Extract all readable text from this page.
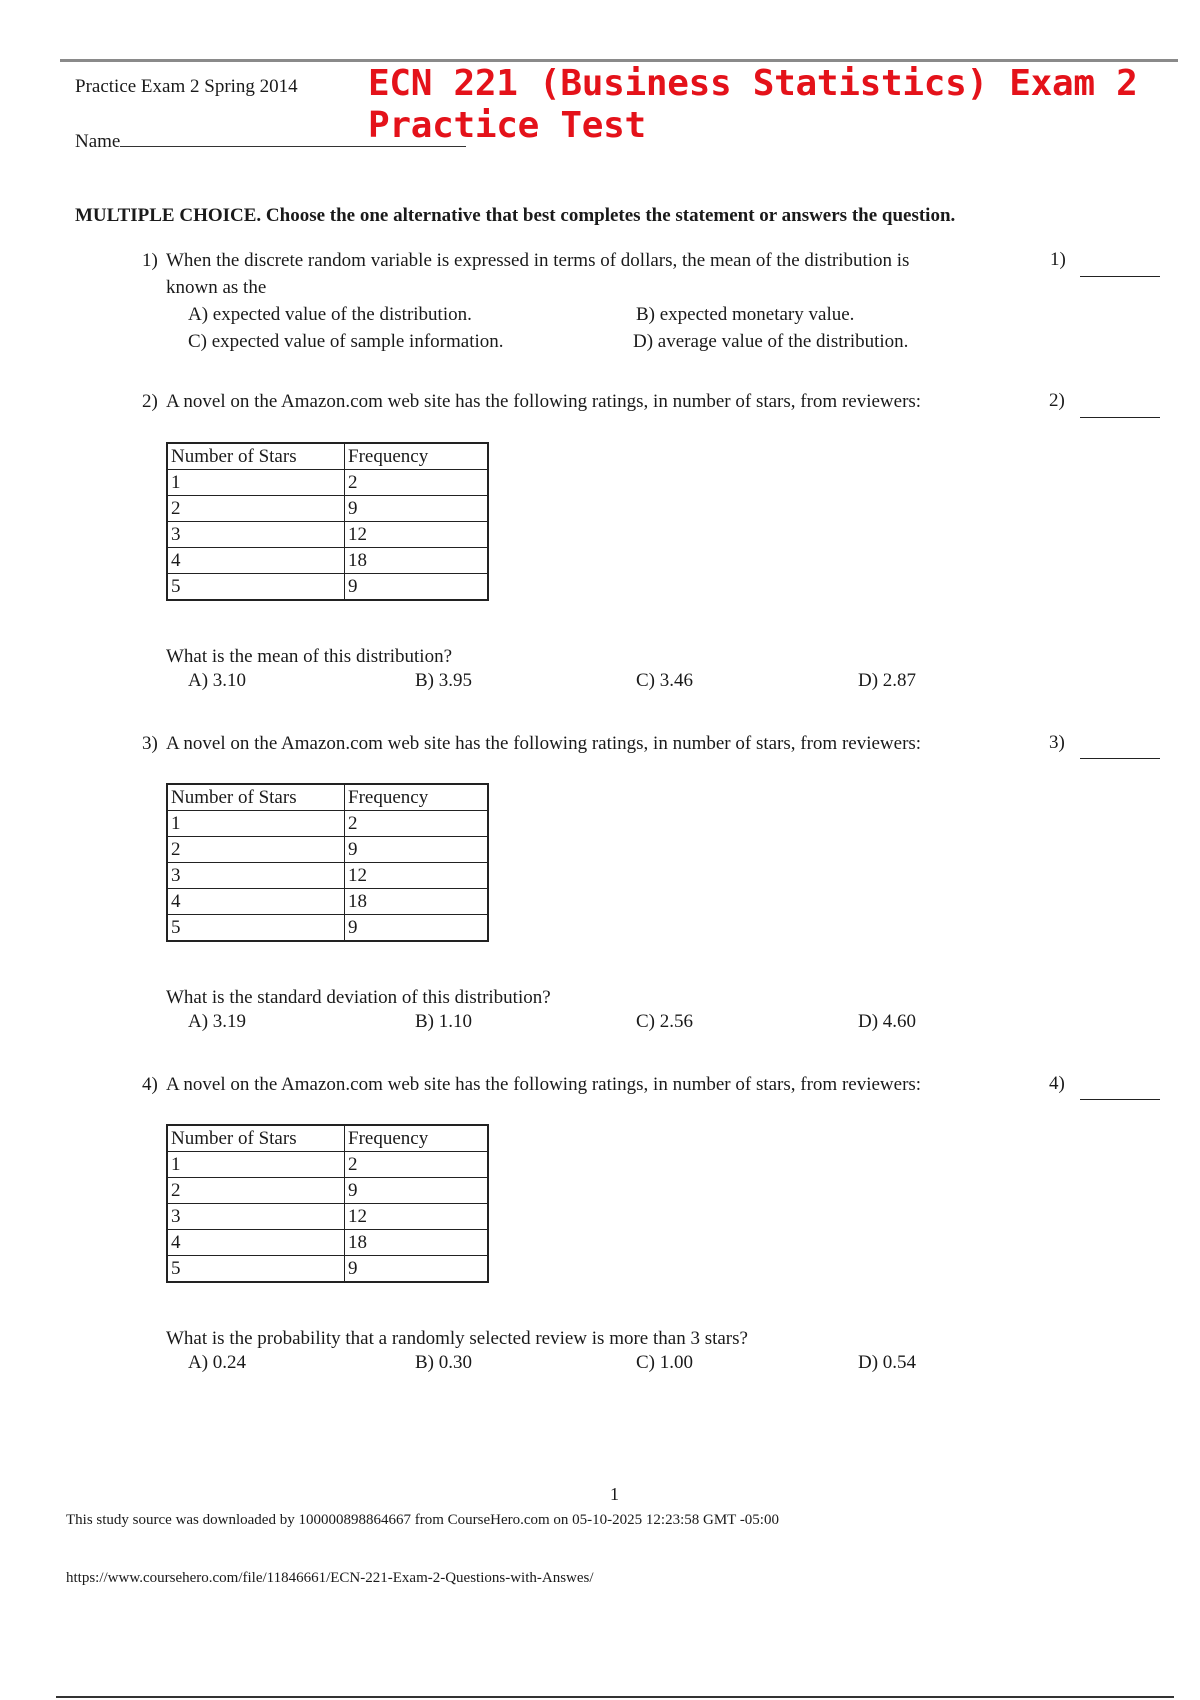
Practice Exam 2 Spring 2014
Name
ECN 221 (Business Statistics) Exam 2
Practice Test
MULTIPLE CHOICE. Choose the one alternative that best completes the statement or answers the question.
1) When the discrete random variable is expressed in terms of dollars, the mean of the distribution is
known as the
1)
A) expected value of the distribution.	B) expected monetary value.
C) expected value of sample information.	D) average value of the distribution.
2) A novel on the Amazon.com web site has the following ratings, in number of stars, from reviewers:	2)
Number of Stars	Frequency
1	2
2	9
3	12
4	18
5	9
What is the mean of this distribution?
A) 3.10	B) 3.95	C) 3.46	D) 2.87
3) A novel on the Amazon.com web site has the following ratings, in number of stars, from reviewers:	3)
Number of Stars	Frequency
1	2
2	9
3	12
4	18
5	9
What is the standard deviation of this distribution?
A) 3.19	B) 1.10	C) 2.56	D) 4.60
4) A novel on the Amazon.com web site has the following ratings, in number of stars, from reviewers:	4)
Number of Stars	Frequency
1	2
2	9
3	12
4	18
5	9
What is the probability that a randomly selected review is more than 3 stars?
A) 0.24	B) 0.30	C) 1.00	D) 0.54
1
This study source was downloaded by 100000898864667 from CourseHero.com on 05-10-2025 12:23:58 GMT -05:00
https://www.coursehero.com/file/11846661/ECN-221-Exam-2-Questions-with-Answes/
